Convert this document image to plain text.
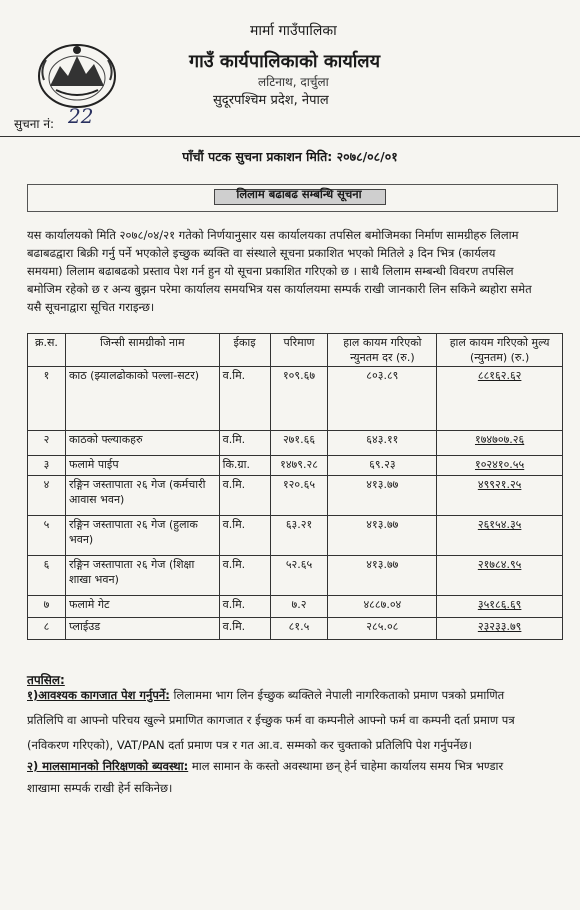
मार्मा गाउँपालिका
गाउँ कार्यपालिकाको कार्यालय
लटिनाथ, दार्चुला
सुदूरपश्चिम प्रदेश, नेपाल
सुचना नं: 22
पाँचौं पटक सुचना प्रकाशन मिति: २०७८/०८/०१
लिलाम बढाबढ सम्बन्धि सूचना
यस कार्यालयको मिति २०७८/०४/२१ गतेको निर्णयानुसार यस कार्यालयका तपसिल बमोजिमका निर्माण सामग्रीहरु लिलाम
बढाबढद्वारा बिक्री गर्नु पर्ने भएकोले इच्छुक ब्यक्ति वा संस्थाले सूचना प्रकाशित भएको मितिले ३ दिन भित्र (कार्यलय
समयमा) लिलाम बढाबढको प्रस्ताव पेश गर्न हुन यो सूचना प्रकाशित गरिएको छ । साथै लिलाम सम्बन्धी विवरण तपसिल
बमोजिम रहेको छ र अन्य बुझन परेमा कार्यालय समयभित्र यस कार्यालयमा सम्पर्क राखी जानकारी लिन सकिने ब्यहोरा समेत
यसै सूचनाद्वारा सूचित गराइन्छ।
क्र.स.	जिन्सी सामग्रीको नाम	ईकाइ	परिमाण	हाल कायम गरिएको न्युनतम दर (रु.)	हाल कायम गरिएको मुल्य (न्युनतम) (रु.)
१	काठ (झ्यालढोकाको पल्ला-सटर)	व.मि.	१०९.६७	८०३.८९	८८१६२.६२
२	काठको फ्ल्याकहरु	व.मि.	२७१.६६	६४३.११	१७४७०७.२६
३	फलामे पाईप	कि.ग्रा.	१४७९.२८	६९.२३	१०२४१०.५५
४	रङ्गिन जस्तापाता २६ गेज (कर्मचारी आवास भवन)	व.मि.	१२०.६५	४१३.७७	४९९२१.२५
५	रङ्गिन जस्तापाता २६ गेज (हुलाक भवन)	व.मि.	६३.२१	४१३.७७	२६१५४.३५
६	रङ्गिन जस्तापाता २६ गेज (शिक्षा शाखा भवन)	व.मि.	५२.६५	४१३.७७	२१७८४.९५
७	फलामे गेट	व.मि.	७.२	४८८७.०४	३५१८६.६९
८	प्लाईउड	व.मि.	८१.५	२८५.०८	२३२३३.७९
तपसिल:
१)आवश्यक कागजात पेश गर्नुपर्ने: लिलाममा भाग लिन ईच्छुक ब्यक्तिले नेपाली नागरिकताको प्रमाण पत्रको प्रमाणित
प्रतिलिपि वा आफ्नो परिचय खुल्ने प्रमाणित कागजात र ईच्छुक फर्म वा कम्पनीले आफ्नो फर्म वा कम्पनी दर्ता प्रमाण पत्र
(नविकरण गरिएको), VAT/PAN दर्ता प्रमाण पत्र र गत आ.व. सम्मको कर चुक्ताको प्रतिलिपि पेश गर्नुपर्नेछ।
२) मालसामानको निरिक्षणको ब्यवस्था: माल सामान के कस्तो अवस्थामा छन् हेर्न चाहेमा कार्यालय समय भित्र भण्डार
शाखामा सम्पर्क राखी हेर्न सकिनेछ।
